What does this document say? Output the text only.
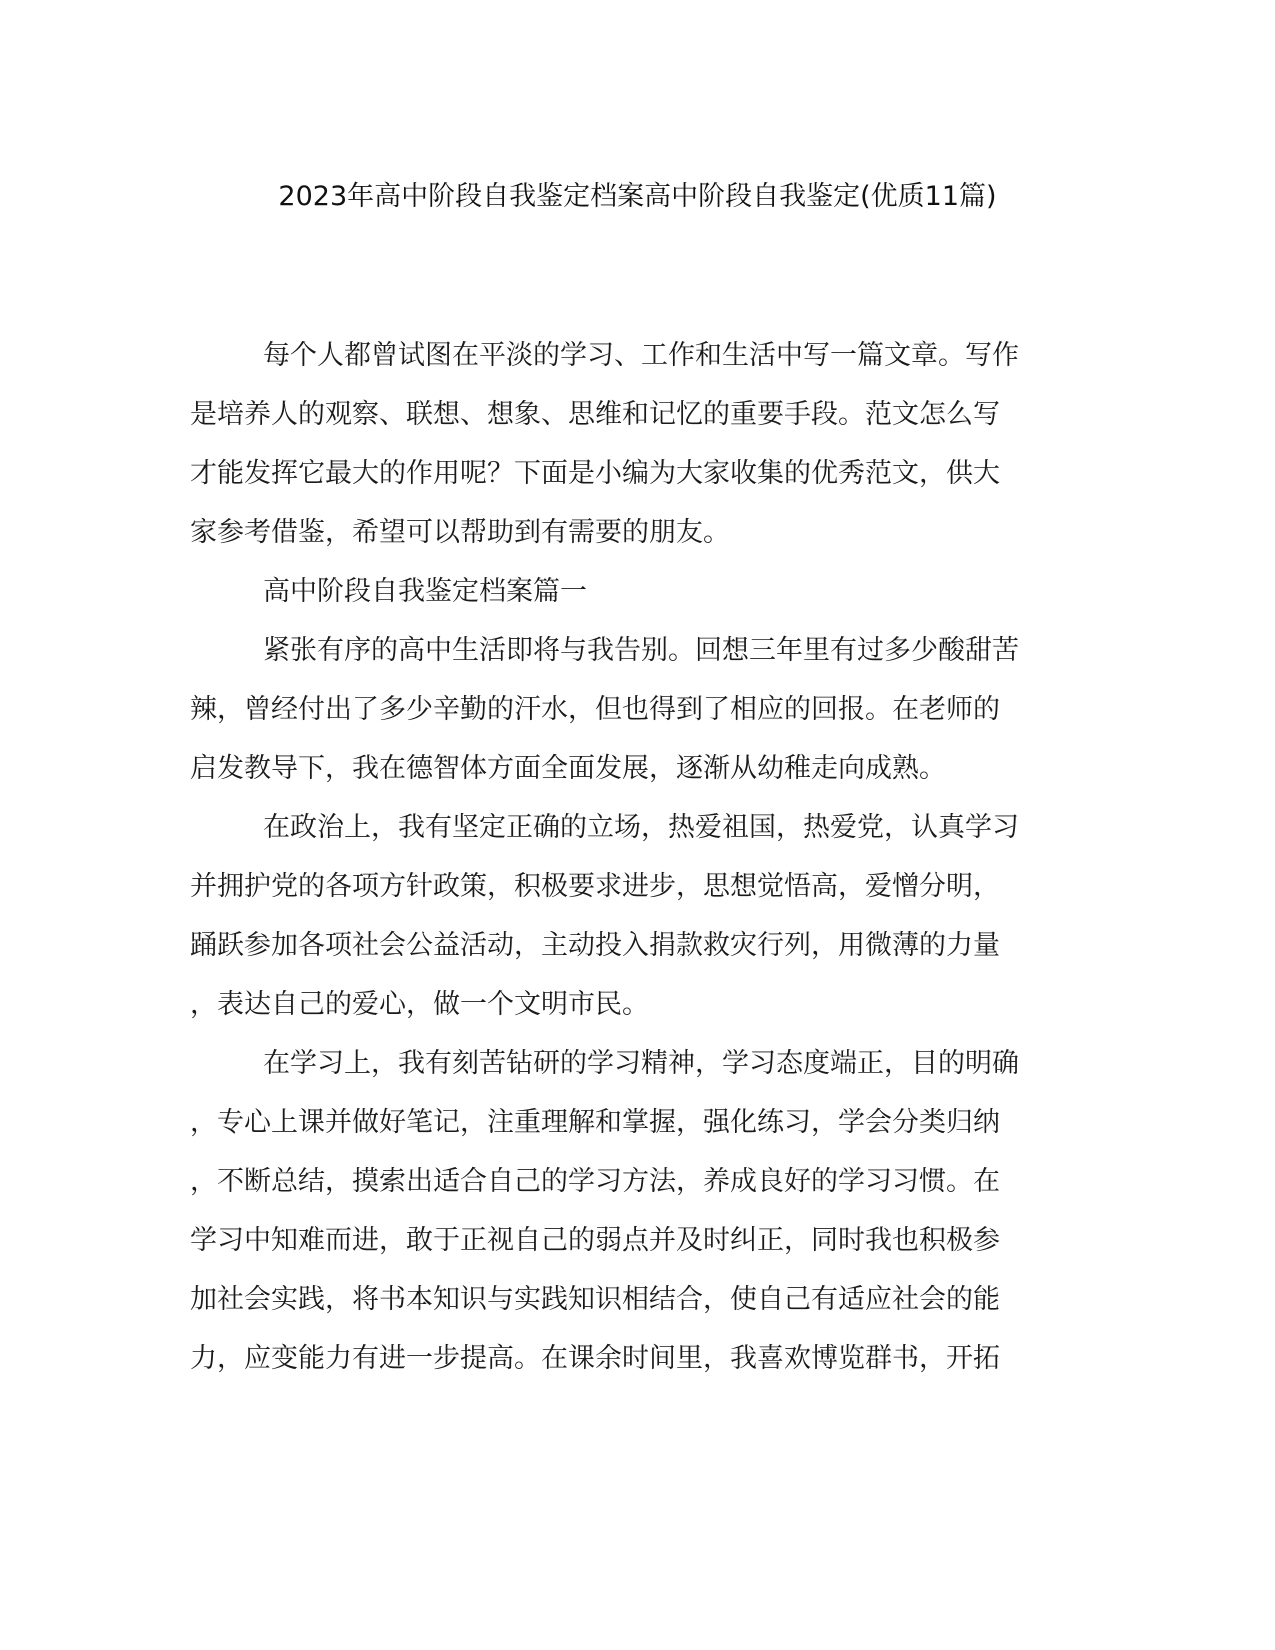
2023年高中阶段自我鉴定档案高中阶段自我鉴定(优质11篇)
每个人都曾试图在平淡的学习、工作和生活中写一篇文章。写作
是培养人的观察、联想、想象、思维和记忆的重要手段。范文怎么写
才能发挥它最大的作用呢？下面是小编为大家收集的优秀范文，供大
家参考借鉴，希望可以帮助到有需要的朋友。
高中阶段自我鉴定档案篇一
紧张有序的高中生活即将与我告别。回想三年里有过多少酸甜苦
辣，曾经付出了多少辛勤的汗水，但也得到了相应的回报。在老师的
启发教导下，我在德智体方面全面发展，逐渐从幼稚走向成熟。
在政治上，我有坚定正确的立场，热爱祖国，热爱党，认真学习
并拥护党的各项方针政策，积极要求进步，思想觉悟高，爱憎分明，
踊跃参加各项社会公益活动，主动投入捐款救灾行列，用微薄的力量
，表达自己的爱心，做一个文明市民。
在学习上，我有刻苦钻研的学习精神，学习态度端正，目的明确
，专心上课并做好笔记，注重理解和掌握，强化练习，学会分类归纳
，不断总结，摸索出适合自己的学习方法，养成良好的学习习惯。在
学习中知难而进，敢于正视自己的弱点并及时纠正，同时我也积极参
加社会实践，将书本知识与实践知识相结合，使自己有适应社会的能
力，应变能力有进一步提高。在课余时间里，我喜欢博览群书，开拓
